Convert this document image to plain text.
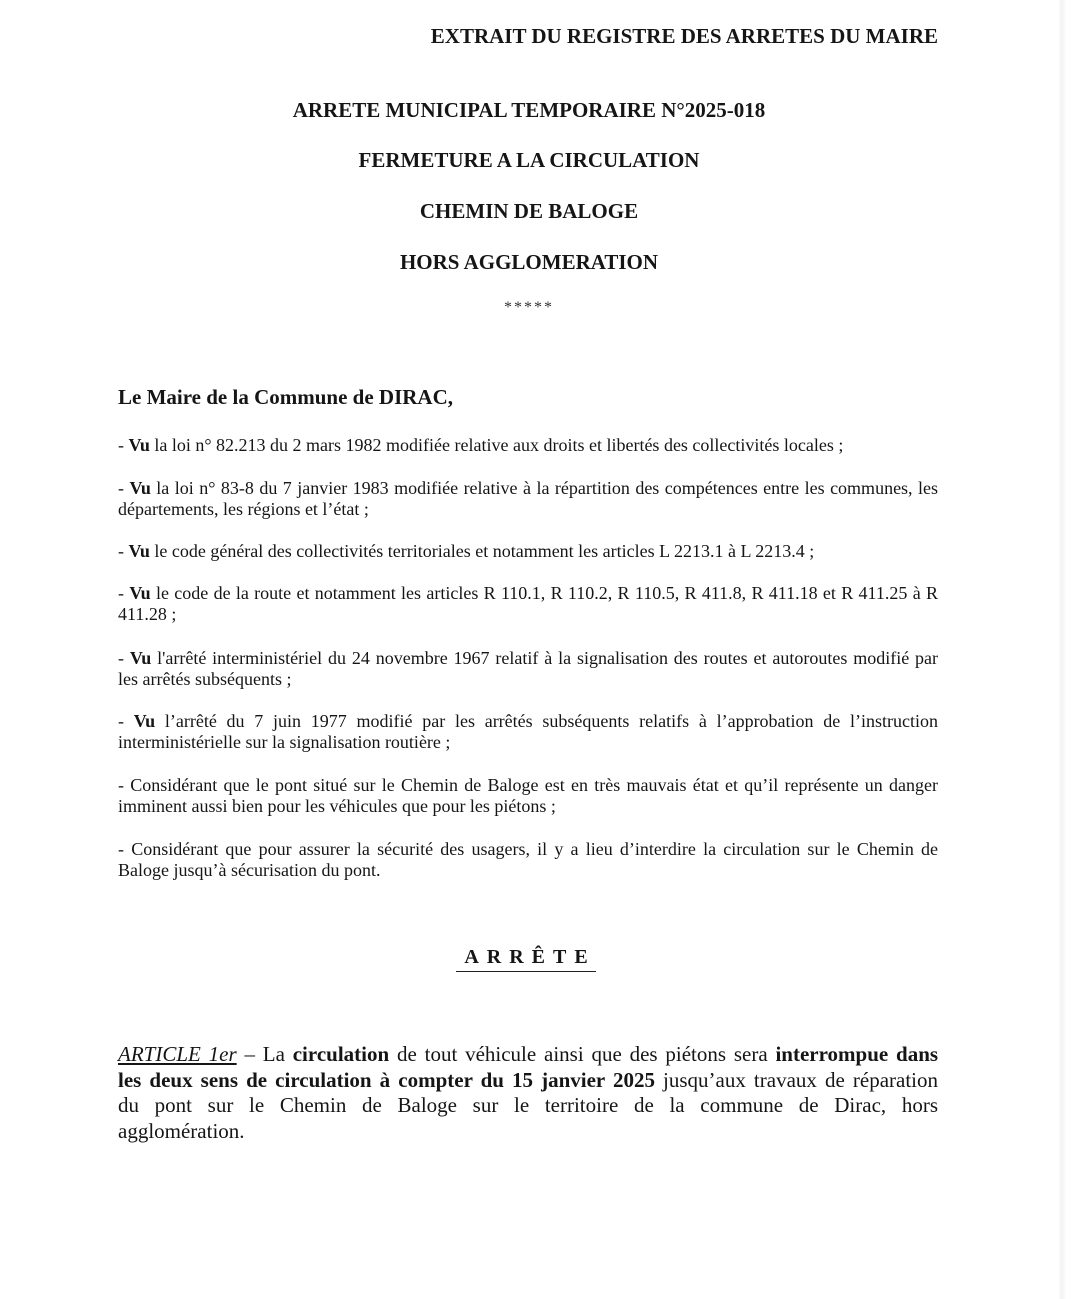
EXTRAIT DU REGISTRE DES ARRETES DU MAIRE
ARRETE MUNICIPAL TEMPORAIRE N°2025-018
FERMETURE A LA CIRCULATION
CHEMIN DE BALOGE
HORS AGGLOMERATION
*****
Le Maire de la Commune de DIRAC,
- Vu la loi n° 82.213 du 2 mars 1982 modifiée relative aux droits et libertés des collectivités locales ;
- Vu la loi n° 83-8 du 7 janvier 1983 modifiée relative à la répartition des compétences entre les communes, les
départements, les régions et l’état ;
- Vu le code général des collectivités territoriales et notamment les articles L 2213.1 à L 2213.4 ;
- Vu le code de la route et notamment les articles R 110.1, R 110.2, R 110.5, R 411.8, R 411.18 et R 411.25 à R
411.28 ;
- Vu l'arrêté interministériel du 24 novembre 1967 relatif à la signalisation des routes et autoroutes modifié par
les arrêtés subséquents ;
- Vu l’arrêté du 7 juin 1977 modifié par les arrêtés subséquents relatifs à l’approbation de l’instruction
interministérielle sur la signalisation routière ;
- Considérant que le pont situé sur le Chemin de Baloge est en très mauvais état et qu’il représente un danger
imminent aussi bien pour les véhicules que pour les piétons ;
- Considérant que pour assurer la sécurité des usagers, il y a lieu d’interdire la circulation sur le Chemin de
Baloge jusqu’à sécurisation du pont.
ARRÊTE
ARTICLE 1er – La circulation de tout véhicule ainsi que des piétons sera interrompue dans
les deux sens de circulation à compter du 15 janvier 2025 jusqu’aux travaux de réparation
du pont sur le Chemin de Baloge sur le territoire de la commune de Dirac, hors
agglomération.
